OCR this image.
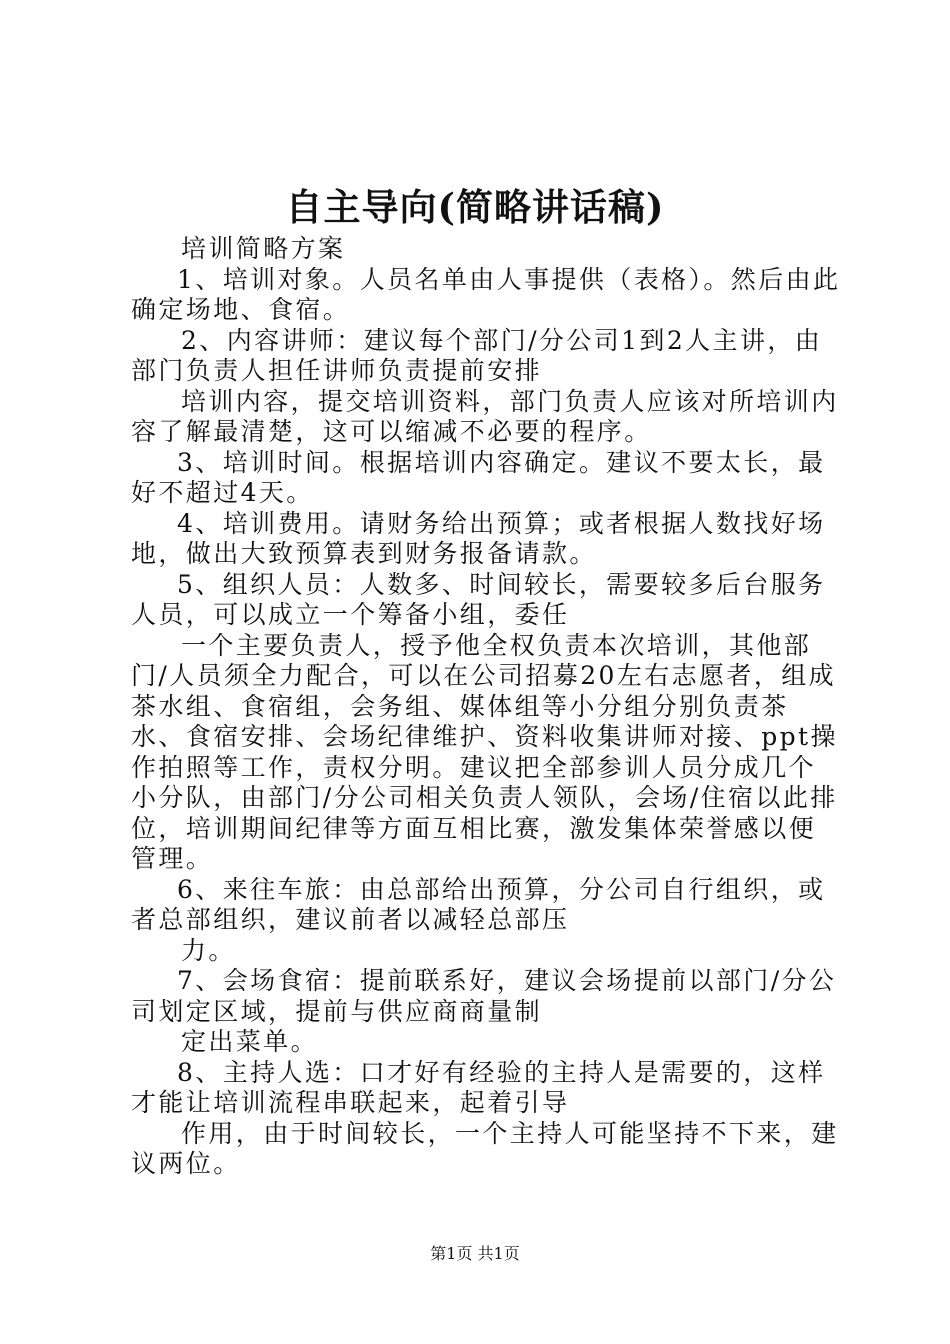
自主导向(简略讲话稿)

培训简略方案

1、培训对象。人员名单由人事提供（表格）。然后由此确定场地、食宿。

2、内容讲师：建议每个部门/分公司1到2人主讲，由部门负责人担任讲师负责提前安排

培训内容，提交培训资料，部门负责人应该对所培训内容了解最清楚，这可以缩减不必要的程序。

3、培训时间。根据培训内容确定。建议不要太长，最好不超过4天。

4、培训费用。请财务给出预算；或者根据人数找好场地，做出大致预算表到财务报备请款。

5、组织人员：人数多、时间较长，需要较多后台服务人员，可以成立一个筹备小组，委任

一个主要负责人，授予他全权负责本次培训，其他部门/人员须全力配合，可以在公司招募20左右志愿者，组成茶水组、食宿组，会务组、媒体组等小分组分别负责茶水、食宿安排、会场纪律维护、资料收集讲师对接、ppt操作拍照等工作，责权分明。建议把全部参训人员分成几个小分队，由部门/分公司相关负责人领队，会场/住宿以此排位，培训期间纪律等方面互相比赛，激发集体荣誉感以便管理。

6、来往车旅：由总部给出预算，分公司自行组织，或者总部组织，建议前者以减轻总部压

力。

7、会场食宿：提前联系好，建议会场提前以部门/分公司划定区域，提前与供应商商量制

定出菜单。

8、主持人选：口才好有经验的主持人是需要的，这样才能让培训流程串联起来，起着引导

作用，由于时间较长，一个主持人可能坚持不下来，建议两位。

第1页 共1页
